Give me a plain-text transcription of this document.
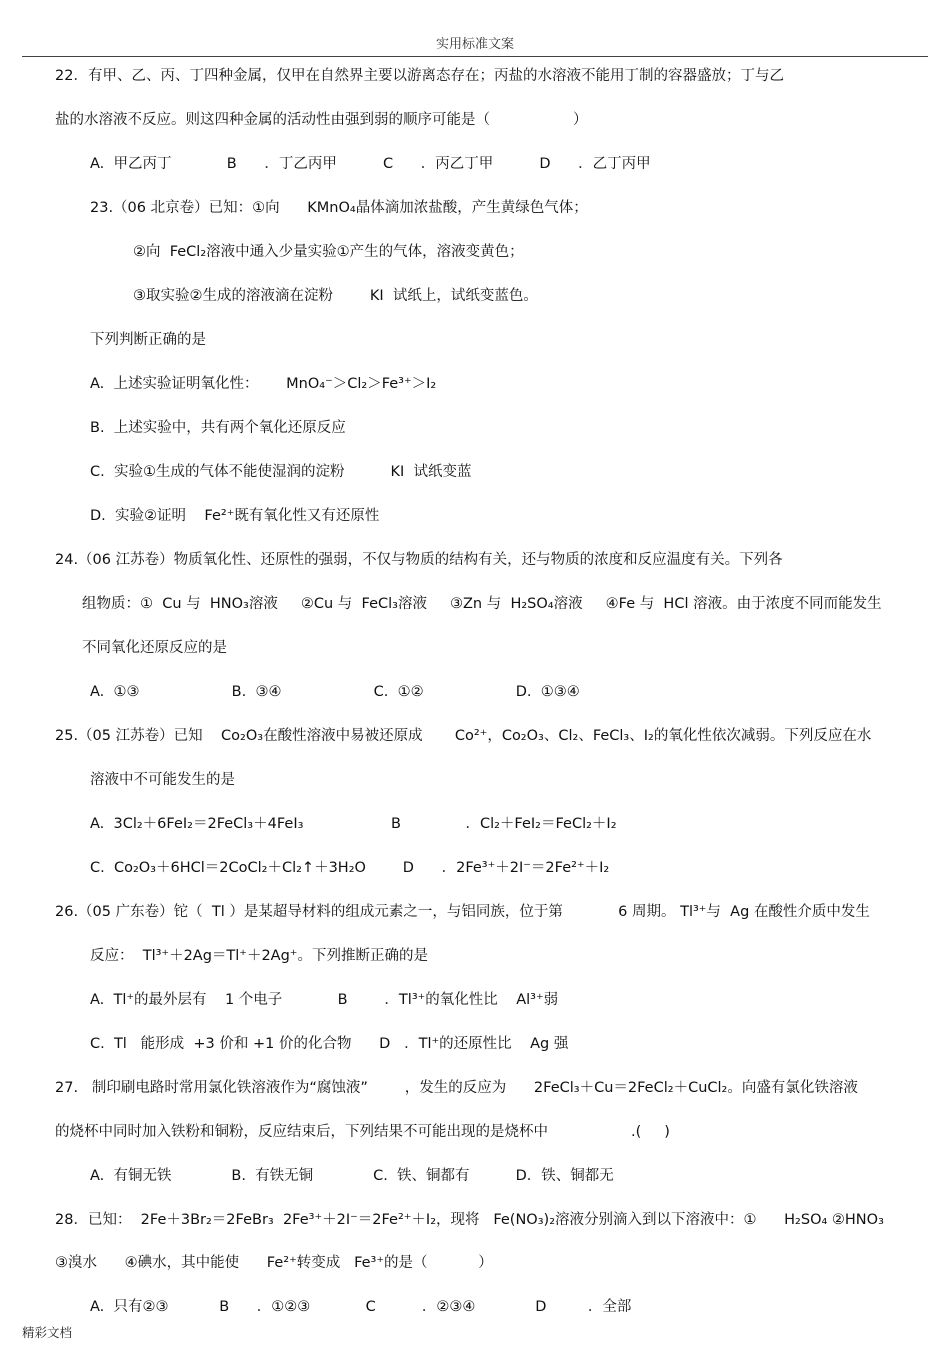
实用标准文案
22．有甲、乙、丙、丁四种金属，仅甲在自然界主要以游离态存在；丙盐的水溶液不能用丁制的容器盛放；丁与乙
盐的水溶液不反应。则这四种金属的活动性由强到弱的顺序可能是（                  ）
A.  甲乙丙丁            B      ．丁乙丙甲          C      ．丙乙丁甲          D      ．乙丁丙甲
23.（06 北京卷）已知：①向      KMnO₄晶体滴加浓盐酸，产生黄绿色气体；
②向  FeCl₂溶液中通入少量实验①产生的气体，溶液变黄色；
③取实验②生成的溶液滴在淀粉        KI  试纸上，试纸变蓝色。
下列判断正确的是
A.  上述实验证明氧化性：      MnO₄⁻＞Cl₂＞Fe³⁺＞I₂
B.  上述实验中，共有两个氧化还原反应
C.  实验①生成的气体不能使湿润的淀粉          KI  试纸变蓝
D.  实验②证明    Fe²⁺既有氧化性又有还原性
24.（06 江苏卷）物质氧化性、还原性的强弱，不仅与物质的结构有关，还与物质的浓度和反应温度有关。下列各
组物质：①  Cu 与  HNO₃溶液     ②Cu 与  FeCl₃溶液     ③Zn 与  H₂SO₄溶液     ④Fe 与  HCl 溶液。由于浓度不同而能发生
不同氧化还原反应的是
A.  ①③                    B.  ③④                    C.  ①②                    D.  ①③④
25.（05 江苏卷）已知    Co₂O₃在酸性溶液中易被还原成       Co²⁺，Co₂O₃、Cl₂、FeCl₃、I₂的氧化性依次减弱。下列反应在水
溶液中不可能发生的是
A.  3Cl₂＋6FeI₂＝2FeCl₃＋4FeI₃                   B              ．Cl₂＋FeI₂＝FeCl₂＋I₂
C.  Co₂O₃＋6HCl＝2CoCl₂＋Cl₂↑＋3H₂O        D      ．2Fe³⁺＋2I⁻＝2Fe²⁺＋I₂
26.（05 广东卷）铊（  Tl ）是某超导材料的组成元素之一，与铝同族，位于第            6 周期。 Tl³⁺与  Ag 在酸性介质中发生
反应：  Tl³⁺＋2Ag＝Tl⁺＋2Ag⁺。下列推断正确的是
A.  Tl⁺的最外层有    1 个电子            B        ．Tl³⁺的氧化性比    Al³⁺弱
C.  Tl   能形成  +3 价和 +1 价的化合物      D   ．Tl⁺的还原性比    Ag 强
27.   制印刷电路时常用氯化铁溶液作为“腐蚀液”        ，发生的反应为      2FeCl₃＋Cu＝2FeCl₂＋CuCl₂。向盛有氯化铁溶液
的烧杯中同时加入铁粉和铜粉，反应结束后，下列结果不可能出现的是烧杯中                  .(     )
A.  有铜无铁             B.  有铁无铜             C.  铁、铜都有          D．铁、铜都无
28．已知：  2Fe＋3Br₂＝2FeBr₃  2Fe³⁺＋2I⁻＝2Fe²⁺＋I₂，现将   Fe(NO₃)₂溶液分别滴入到以下溶液中：①      H₂SO₄ ②HNO₃
③溴水      ④碘水，其中能使      Fe²⁺转变成   Fe³⁺的是（           ）
A.  只有②③           B      ．①②③            C          ．②③④             D         ．全部
精彩文档
